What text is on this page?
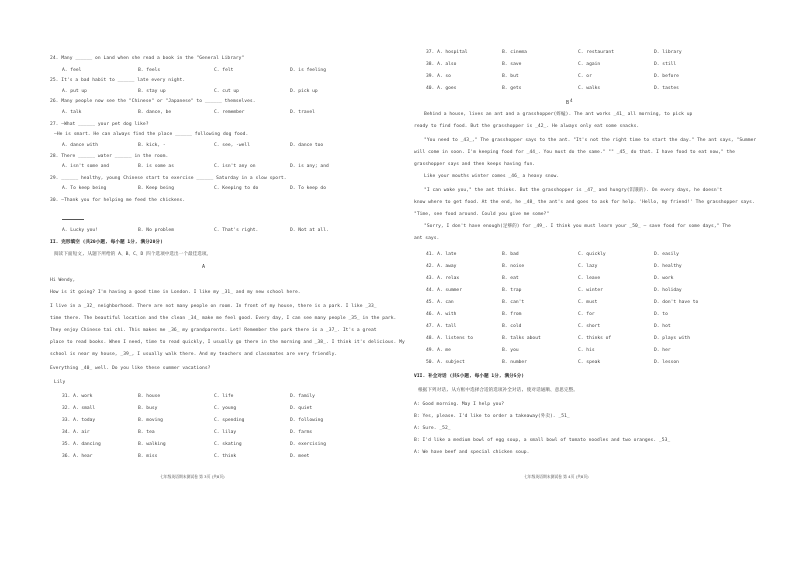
24. Many ______ on Land when she read a book in the "General Library"
A. feel	B. feels	C. felt	D. is feeling
25. It's a bad habit to ______ late every night.
A. put up	B. stay up	C. cut up	D. pick up
26. Many people now see the "Chinese" or "Japanese" to ______ themselves.
A. talk	B. dance, be	C. remember	D. travel
27. —What ______ your pet dog like?
—He is smart. He can always find the place ______ following dog food.
A. dance with	B. kick, -	C. see, -well	D. dance too
28. There ______ water ______ in the room.
A. isn't some and	B. is some as	C. isn't any on	D. is any; and
29. ______ healthy, young Chinese start to exercise ______ Saturday in a slow sport.
A. To keep being	B. Keep being	C. Keeping to do	D. To keep do
30. —Thank you for helping me feed the chickens.
A. Lucky you!	B. No problem	C. That's right.	D. Not at all.
II. 完形填空 (共20小题, 每小题 1分, 满分20分)
阅读下面短文, 从题下所给的 A、B、C、D 四个选项中选出一个最佳选项。
A
Hi Wendy,
How is it going? I'm having a good time in London. I like my _31_ and my new school here.
I live in a _32_ neighborhood. There are not many people on room. In front of my house, there is a park. I like _33_
time there. The beautiful location and the clean _34_ make me feel good. Every day, I can see many people _35_ in the park.
They enjoy Chinese tai chi. This makes me _36_ my grandparents. Let! Remember the park there is a _37_. It's a great
place to read books. When I need, time to read quickly, I usually go there in the morning and _38_. I think it's delicious. My
school is near my house, _39_, I usually walk there. And my teachers and classmates are very friendly.
Everything _40_ well. Do you like these summer vacations?
Lily
31. A. work	B. house	C. life	D. family
32. A. small	B. busy	C. young	D. quiet
33. A. today	B. moving	C. spending	D. following
34. A. air	B. tea	C. lilay	D. farms
35. A. dancing	B. walking	C. skating	D. exercising
36. A. hear	B. miss	C. think	D. meet
七年级英语期末测试卷 第 3页 (共8页)
37. A. hospital	B. cinema	C. restaurant	D. library
38. A. also	B. save	C. again	D. still
39. A. so	B. but	C. or	D. before
40. A. goes	B. gets	C. walks	D. tastes
B
Behind a house, lives an ant and a grasshopper(蚱蜢). The ant works _41_ all morning, to pick up
ready to find food. But the grasshopper is _42_. He always only eat some snacks.
"You need to _43_," The grasshopper says to the ant. "It's not the right time to start the day." The ant says, "Summer
will come in soon. I'm keeping food for _44_. You must do the same." "" _45_ do that. I have food to eat now," the
grasshopper says and then keeps having fun.
Like your mouths winter comes _46_ a heavy snow.
"I can wake you," the ant thinks. But the grasshopper is _47_ and hungry(饥饿的). On every days, he doesn't
know where to get food. At the end, he _48_ the ant's and goes to ask for help. 'Hello, my friend!' The grasshopper says.
"Time, see food around. Could you give me some?"
"Sorry, I don't have enough(足够的) for _49_. I think you must learn your _50_ — save food for some days," The
ant says.
41. A. late	B. bad	C. quickly	D. easily
42. A. away	B. noise	C. lazy	D. healthy
43. A. relax	B. eat	C. leave	D. work
44. A. summer	B. trap	C. winter	D. holiday
45. A. can	B. can't	C. must	D. don't have to
46. A. with	B. from	C. for	D. to
47. A. tall	B. cold	C. short	D. hot
48. A. listens to	B. talks about	C. thinks of	D. plays with
49. A. me	B. you	C. his	D. her
50. A. subject	B. number	C. speak	D. lesson
VII. 补全对话 (共5小题, 每小题 1分, 满分5分)
根据下列对话, 从方框中选择合适的选项补全对话, 使对话通顺、意思完整。
A: Good morning. May I help you?
B: Yes, please. I'd like to order a takeaway(外卖). _51_
A: Sure. _52_
B: I'd like a medium bowl of egg soup, a small bowl of tomato noodles and two oranges. _53_
A: We have beef and special chicken soup.
七年级英语期末测试卷 第 4页 (共8页)
4
